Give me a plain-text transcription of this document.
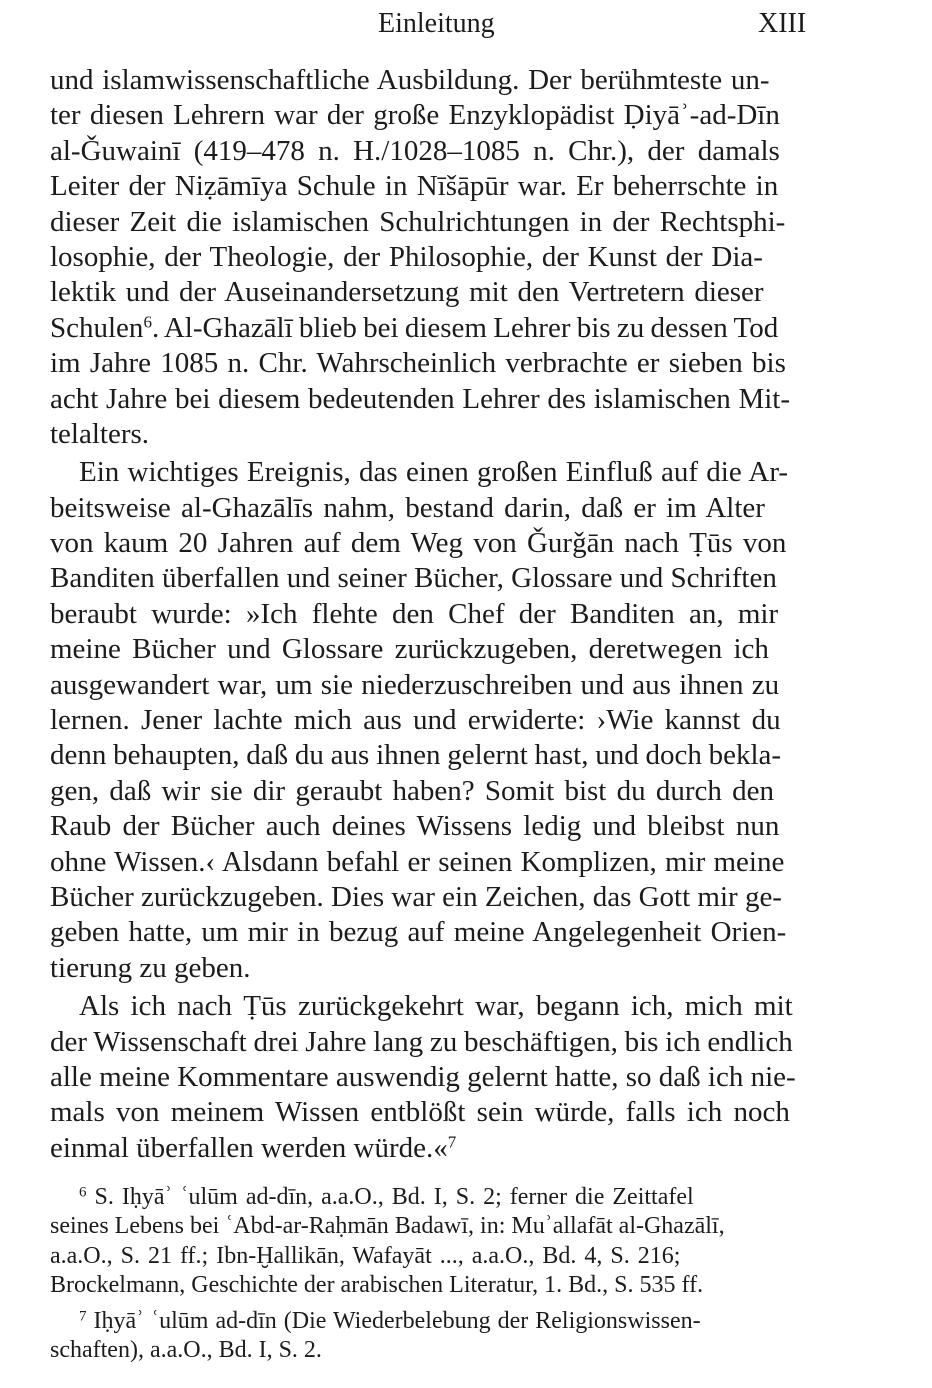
Einleitung	XIII
und islamwissenschaftliche Ausbildung. Der berühmteste un-
ter diesen Lehrern war der große Enzyklopädist Ḍiyāʾ-ad-Dīn
al-Ǧuwainī (419–478 n. H./1028–1085 n. Chr.), der damals
Leiter der Niẓāmīya Schule in Nīšāpūr war. Er beherrschte in
dieser Zeit die islamischen Schulrichtungen in der Rechtsphi-
losophie, der Theologie, der Philosophie, der Kunst der Dia-
lektik und der Auseinandersetzung mit den Vertretern dieser
Schulen$^6$. Al-Ghazālī blieb bei diesem Lehrer bis zu dessen Tod
im Jahre 1085 n. Chr. Wahrscheinlich verbrachte er sieben bis
acht Jahre bei diesem bedeutenden Lehrer des islamischen Mit-
telalters.
Ein wichtiges Ereignis, das einen großen Einfluß auf die Ar-
beitsweise al-Ghazālīs nahm, bestand darin, daß er im Alter
von kaum 20 Jahren auf dem Weg von Ǧurǧān nach Ṭūs von
Banditen überfallen und seiner Bücher, Glossare und Schriften
beraubt wurde: »Ich flehte den Chef der Banditen an, mir
meine Bücher und Glossare zurückzugeben, deretwegen ich
ausgewandert war, um sie niederzuschreiben und aus ihnen zu
lernen. Jener lachte mich aus und erwiderte: ›Wie kannst du
denn behaupten, daß du aus ihnen gelernt hast, und doch bekla-
gen, daß wir sie dir geraubt haben? Somit bist du durch den
Raub der Bücher auch deines Wissens ledig und bleibst nun
ohne Wissen.‹ Alsdann befahl er seinen Komplizen, mir meine
Bücher zurückzugeben. Dies war ein Zeichen, das Gott mir ge-
geben hatte, um mir in bezug auf meine Angelegenheit Orien-
tierung zu geben.
Als ich nach Ṭūs zurückgekehrt war, begann ich, mich mit
der Wissenschaft drei Jahre lang zu beschäftigen, bis ich endlich
alle meine Kommentare auswendig gelernt hatte, so daß ich nie-
mals von meinem Wissen entblößt sein würde, falls ich noch
einmal überfallen werden würde.«$^7$
$^6$ S. Iḥyāʾ ʿulūm ad-dīn, a.a.O., Bd. I, S. 2; ferner die Zeittafel
seines Lebens bei ʿAbd-ar-Raḥmān Badawī, in: Muʾallafāt al-Ghazālī,
a.a.O., S. 21 ff.; Ibn-Ḫallikān, Wafayāt ..., a.a.O., Bd. 4, S. 216;
Brockelmann, Geschichte der arabischen Literatur, 1. Bd., S. 535 ff.
$^7$ Iḥyāʾ ʿulūm ad-dīn (Die Wiederbelebung der Religionswissen-
schaften), a.a.O., Bd. I, S. 2.
